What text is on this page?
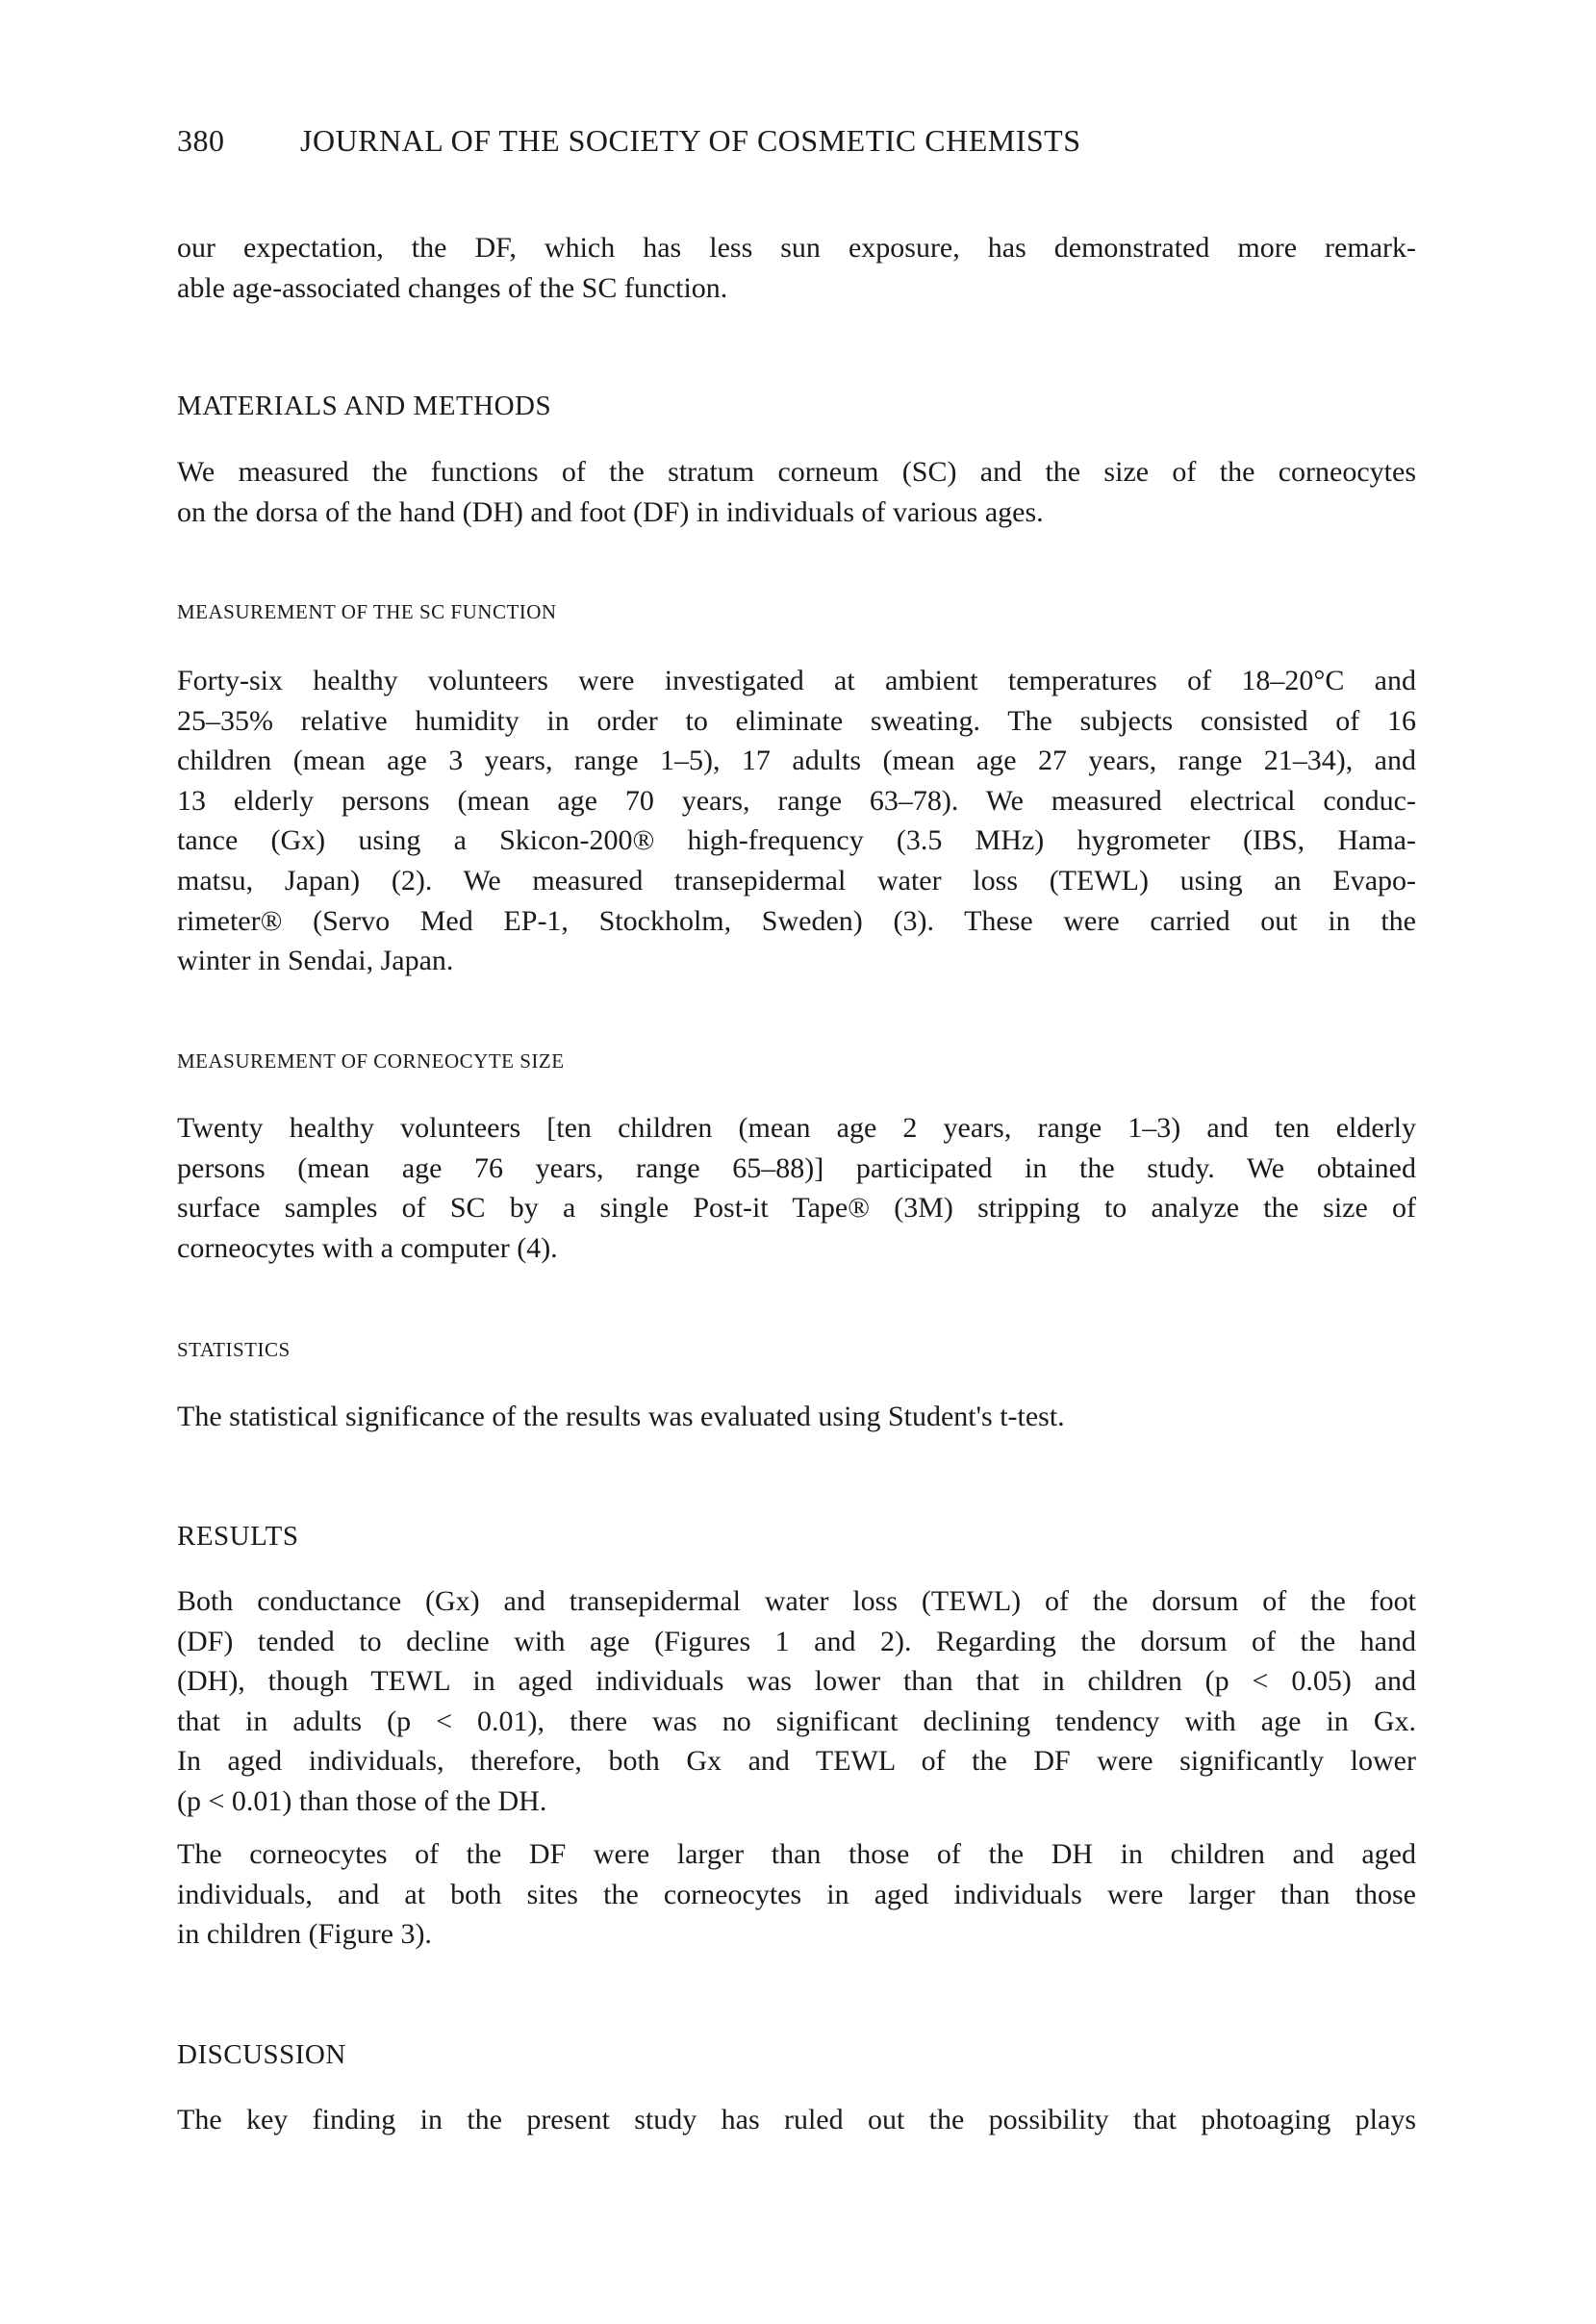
380 JOURNAL OF THE SOCIETY OF COSMETIC CHEMISTS
our expectation, the DF, which has less sun exposure, has demonstrated more remark-
able age-associated changes of the SC function.
MATERIALS AND METHODS
We measured the functions of the stratum corneum (SC) and the size of the corneocytes
on the dorsa of the hand (DH) and foot (DF) in individuals of various ages.
MEASUREMENT OF THE SC FUNCTION
Forty-six healthy volunteers were investigated at ambient temperatures of 18–20°C and
25–35% relative humidity in order to eliminate sweating. The subjects consisted of 16
children (mean age 3 years, range 1–5), 17 adults (mean age 27 years, range 21–34), and
13 elderly persons (mean age 70 years, range 63–78). We measured electrical conduc-
tance (Gx) using a Skicon-200® high-frequency (3.5 MHz) hygrometer (IBS, Hama-
matsu, Japan) (2). We measured transepidermal water loss (TEWL) using an Evapo-
rimeter® (Servo Med EP-1, Stockholm, Sweden) (3). These were carried out in the
winter in Sendai, Japan.
MEASUREMENT OF CORNEOCYTE SIZE
Twenty healthy volunteers [ten children (mean age 2 years, range 1–3) and ten elderly
persons (mean age 76 years, range 65–88)] participated in the study. We obtained
surface samples of SC by a single Post-it Tape® (3M) stripping to analyze the size of
corneocytes with a computer (4).
STATISTICS
The statistical significance of the results was evaluated using Student's t-test.
RESULTS
Both conductance (Gx) and transepidermal water loss (TEWL) of the dorsum of the foot
(DF) tended to decline with age (Figures 1 and 2). Regarding the dorsum of the hand
(DH), though TEWL in aged individuals was lower than that in children (p < 0.05) and
that in adults (p < 0.01), there was no significant declining tendency with age in Gx.
In aged individuals, therefore, both Gx and TEWL of the DF were significantly lower
(p < 0.01) than those of the DH.
The corneocytes of the DF were larger than those of the DH in children and aged
individuals, and at both sites the corneocytes in aged individuals were larger than those
in children (Figure 3).
DISCUSSION
The key finding in the present study has ruled out the possibility that photoaging plays
